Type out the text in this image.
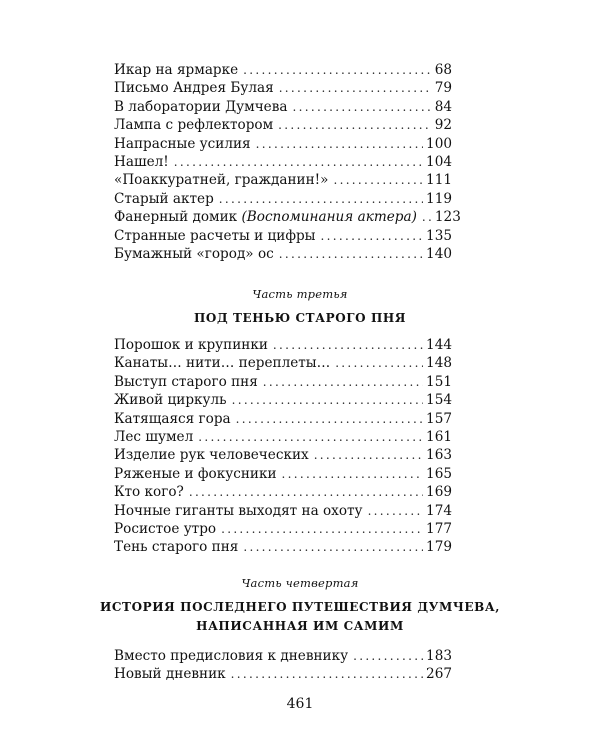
Икар на ярмарке .....	68
Письмо Андрея Булая .....	79
В лаборатории Думчева .....	84
Лампа с рефлектором .....	92
Напрасные усилия .....	100
Нашел! .....	104
«Поаккуратней, гражданин!» .....	111
Старый актер .....	119
Фанерный домик (Воспоминания актера) .....	123
Странные расчеты и цифры .....	135
Бумажный «город» ос .....	140
Часть третья
ПОД ТЕНЬЮ СТАРОГО ПНЯ
Порошок и крупинки .....	144
Канаты… нити… переплеты… .....	148
Выступ старого пня .....	151
Живой циркуль .....	154
Катящаяся гора .....	157
Лес шумел .....	161
Изделие рук человеческих .....	163
Ряженые и фокусники .....	165
Кто кого? .....	169
Ночные гиганты выходят на охоту .....	174
Росистое утро .....	177
Тень старого пня .....	179
Часть четвертая
ИСТОРИЯ ПОСЛЕДНЕГО ПУТЕШЕСТВИЯ ДУМЧЕВА,
НАПИСАННАЯ ИМ САМИМ
Вместо предисловия к дневнику .....	183
Новый дневник .....	267
461
